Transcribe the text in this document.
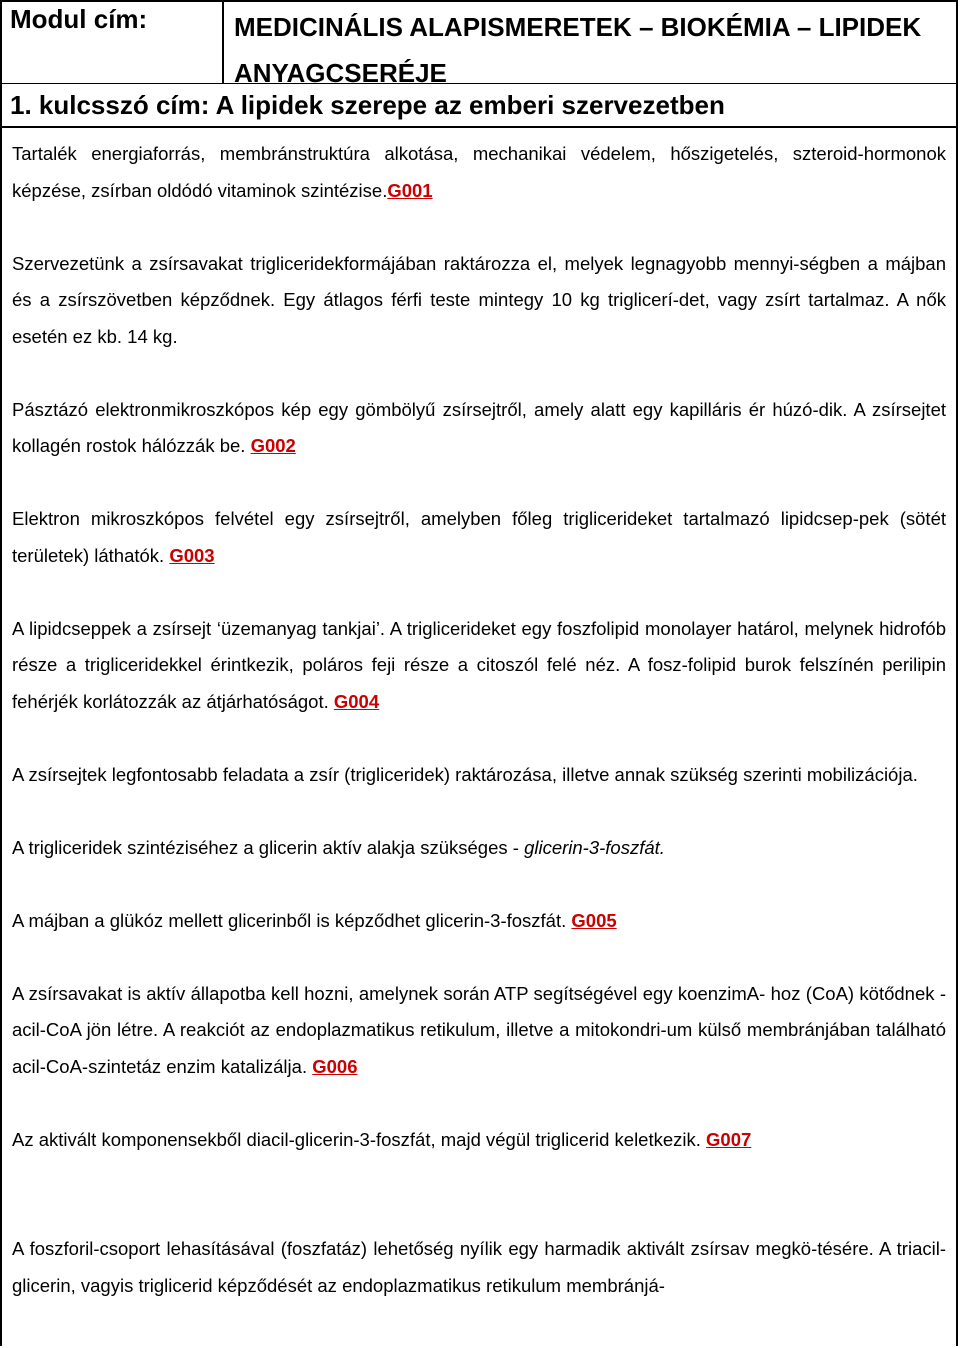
Modul cím:	MEDICINÁLIS ALAPISMERETEK – BIOKÉMIA – LIPIDEK ANYAGCSERÉJE
1. kulcsszó cím: A lipidek szerepe az emberi szervezetben

Tartalék energiaforrás, membránstruktúra alkotása, mechanikai védelem, hőszigetelés, szteroid-hormonok képzése, zsírban oldódó vitaminok szintézise.G001

Szervezetünk a zsírsavakat trigliceridekformájában raktározza el, melyek legnagyobb mennyi-ségben a májban és a zsírszövetben képződnek. Egy átlagos férfi teste mintegy 10 kg triglicerí-det, vagy zsírt tartalmaz. A nők esetén ez kb. 14 kg.

Pásztázó elektronmikroszkópos kép egy gömbölyű zsírsejtről, amely alatt egy kapilláris ér húzó-dik. A zsírsejtet kollagén rostok hálózzák be. G002

Elektron mikroszkópos felvétel egy zsírsejtről, amelyben főleg triglicerideket tartalmazó lipidcsep-pek (sötét területek) láthatók. G003

A lipidcseppek a zsírsejt ‘üzemanyag tankjai’. A triglicerideket egy foszfolipid monolayer határol, melynek hidrofób része a trigliceridekkel érintkezik, poláros feji része a citoszól felé néz. A fosz-folipid burok felszínén perilipin fehérjék korlátozzák az átjárhatóságot. G004

A zsírsejtek legfontosabb feladata a zsír (trigliceridek) raktározása, illetve annak szükség szerinti mobilizációja.

A trigliceridek szintéziséhez a glicerin aktív alakja szükséges - glicerin-3-foszfát.

A májban a glükóz mellett glicerinből is képződhet glicerin-3-foszfát. G005

A zsírsavakat is aktív állapotba kell hozni, amelynek során ATP segítségével egy koenzimA- hoz (CoA) kötődnek - acil-CoA jön létre. A reakciót az endoplazmatikus retikulum, illetve a mitokondri-um külső membránjában található acil-CoA-szintetáz enzim katalizálja. G006

Az aktivált komponensekből diacil-glicerin-3-foszfát, majd végül triglicerid keletkezik. G007

A foszforil-csoport lehasításával (foszfatáz) lehetőség nyílik egy harmadik aktivált zsírsav megkö-tésére. A triacil-glicerin, vagyis triglicerid képződését az endoplazmatikus retikulum membránjá-
